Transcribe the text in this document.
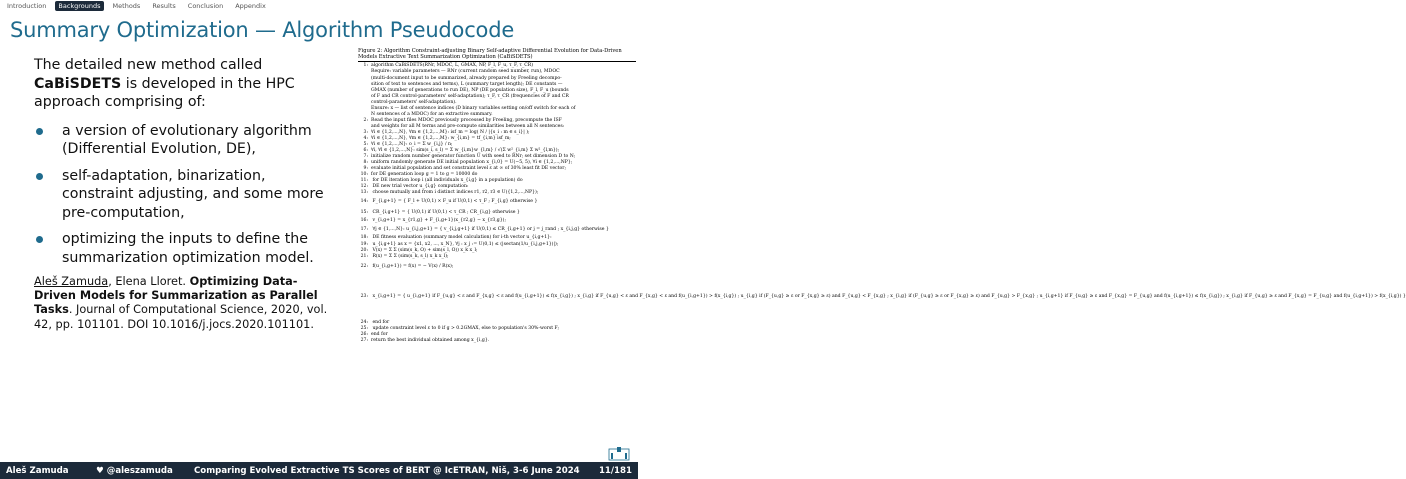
Introduction	Backgrounds	Methods	Results	Conclusion	Appendix
Summary Optimization — Algorithm Pseudocode

The detailed new method called CaBiSDETS is developed in the HPC approach comprising of:

a version of evolutionary algorithm (Differential Evolution, DE),
self-adaptation, binarization, constraint adjusting, and some more pre-computation,
optimizing the inputs to define the summarization optimization model.

Aleš Zamuda, Elena Lloret. Optimizing Data-Driven Models for Summarization as Parallel Tasks. Journal of Computational Science, 2020, vol. 42, pp. 101101. DOI 10.1016/j.jocs.2020.101101.

Figure 2: Algorithm Constraint-adjusting Binary Self-adaptive Differential Evolution for Data-Driven Models Extractive Text Summarization Optimization (CaBiSDETS)
1: algorithm CaBiSDETS(RNr, MDOC, L, GMAX, NP, F_l, F_u, τ_F, τ_CR)
Require: variable parameters — RNr (current random seed number, run), MDOC
(multi-document input to be summarized, already prepared by Freeling decompo-
sition of text to sentences and terms), L (summary target length); DE constants —
GMAX (number of generations to run DE), NP (DE population size), F_l, F_u (bounds
of F and CR control-parameters' self-adaptation); τ_F, τ_CR (frequencies of F and CR
control-parameters' self-adaptation).
Ensure: x — list of sentence indices (D binary variables setting on/off switch for each of
N sentences of a MDOC) for an extractive summary.
2: Read the input files MDOC previously processed by Freeling, precompute the ISF
and weights for all M terms and pre-compute similarities between all N sentences:
3: ∀i ∈ {1,2,...,N}, ∀m ∈ {1,2,...,M}: isf_m = log( N / |{s_i : m ∈ s_i}| );
4: ∀i ∈ {1,2,...,N}, ∀m ∈ {1,2,...,M}: w_{i,m} = tf_{i,m} isf_m;
5: ∀i ∈ {1,2,...,N}: o_i = Σ w_{i,j} / n;
6: ∀i, ∀l ∈ {1,2,...,N}: sim(s_i, s_l) = Σ w_{i,m}w_{l,m} / √(Σ w²_{i,m} Σ w²_{l,m});
7: initialize random number generator function U with seed to RNr; set dimension D to N;
8: uniform randomly generate DE initial population x_{i,0} = U(−5, 5), ∀i ∈ {1,2,...,NP};
9: evaluate initial population and set constraint level ε at ∞ of 30% least fit DE vector;
10: for DE generation loop g = 1 to g = 10000 do
11: for DE iteration loop i (all individuals x_{i,g} in a population) do
12: DE new trial vector u_{i,g} computation:
13: choose mutually and from i distinct indices r1, r2, r3 ∈ U({1,2,...,NP});
14: F_{i,g+1} = { F_l + U(0,1) × F_u if U(0,1) < τ_F ; F_{i,g} otherwise }
15: CR_{i,g+1} = { U(0,1) if U(0,1) < τ_CR ; CR_{i,g} otherwise }
16: v_{i,g+1} = x_{r1,g} + F_{i,g+1}(x_{r2,g} − x_{r3,g});
17: ∀j ∈ {1,...,N}: u_{i,j,g+1} = { v_{i,j,g+1} if U(0,1) ≤ CR_{i,g+1} or j = j_rand ; x_{i,j,g} otherwise }
18: DE fitness evaluation (summary model calculation) for i-th vector u_{i,g+1}:
19: u_{i,g+1} as x = {x1, x2, ..., x_N}, ∀j : x_j := U(0,1) ≤ (|sectan(1/u_{i,j,g+1})|);
20: V(x) = Σ Σ (sim(s_k, O) + sim(s_l, O)) x_k x_l;
21: R(x) = Σ Σ (sim(s_k, s_l) x_k x_l);
22: f(u_{i,g+1}) = f(x) = − V(x) / R(x);
23: x_{i,g+1} = { u_{i,g+1} if F_{u,g} < ε and F_{x,g} < ε and f(u_{i,g+1}) ≤ f(x_{i,g}) ; x_{i,g} if F_{u,g} < ε and F_{x,g} < ε and f(u_{i,g+1}) > f(x_{i,g}) ; u_{i,g} if (F_{u,g} ≥ ε or F_{x,g} ≥ ε) and F_{u,g} < F_{x,g} ; x_{i,g} if (F_{u,g} ≥ ε or F_{x,g} ≥ ε) and F_{u,g} > F_{x,g} ; u_{i,g+1} if F_{u,g} ≥ ε and F_{x,g} = F_{u,g} and f(u_{i,g+1}) ≤ f(x_{i,g}) ; x_{i,g} if F_{u,g} ≥ ε and F_{x,g} = F_{u,g} and f(u_{i,g+1}) > f(x_{i,g}) }
24: end for
25: update constraint level ε to 0 if g > 0.2GMAX, else to population's 30%-worst F;
26: end for
27: return the best individual obtained among x_{i,g}.
Aleš Zamuda	♥ @aleszamuda	Comparing Evolved Extractive TS Scores of BERT @ IcETRAN, Niš, 3-6 June 2024	11/181
